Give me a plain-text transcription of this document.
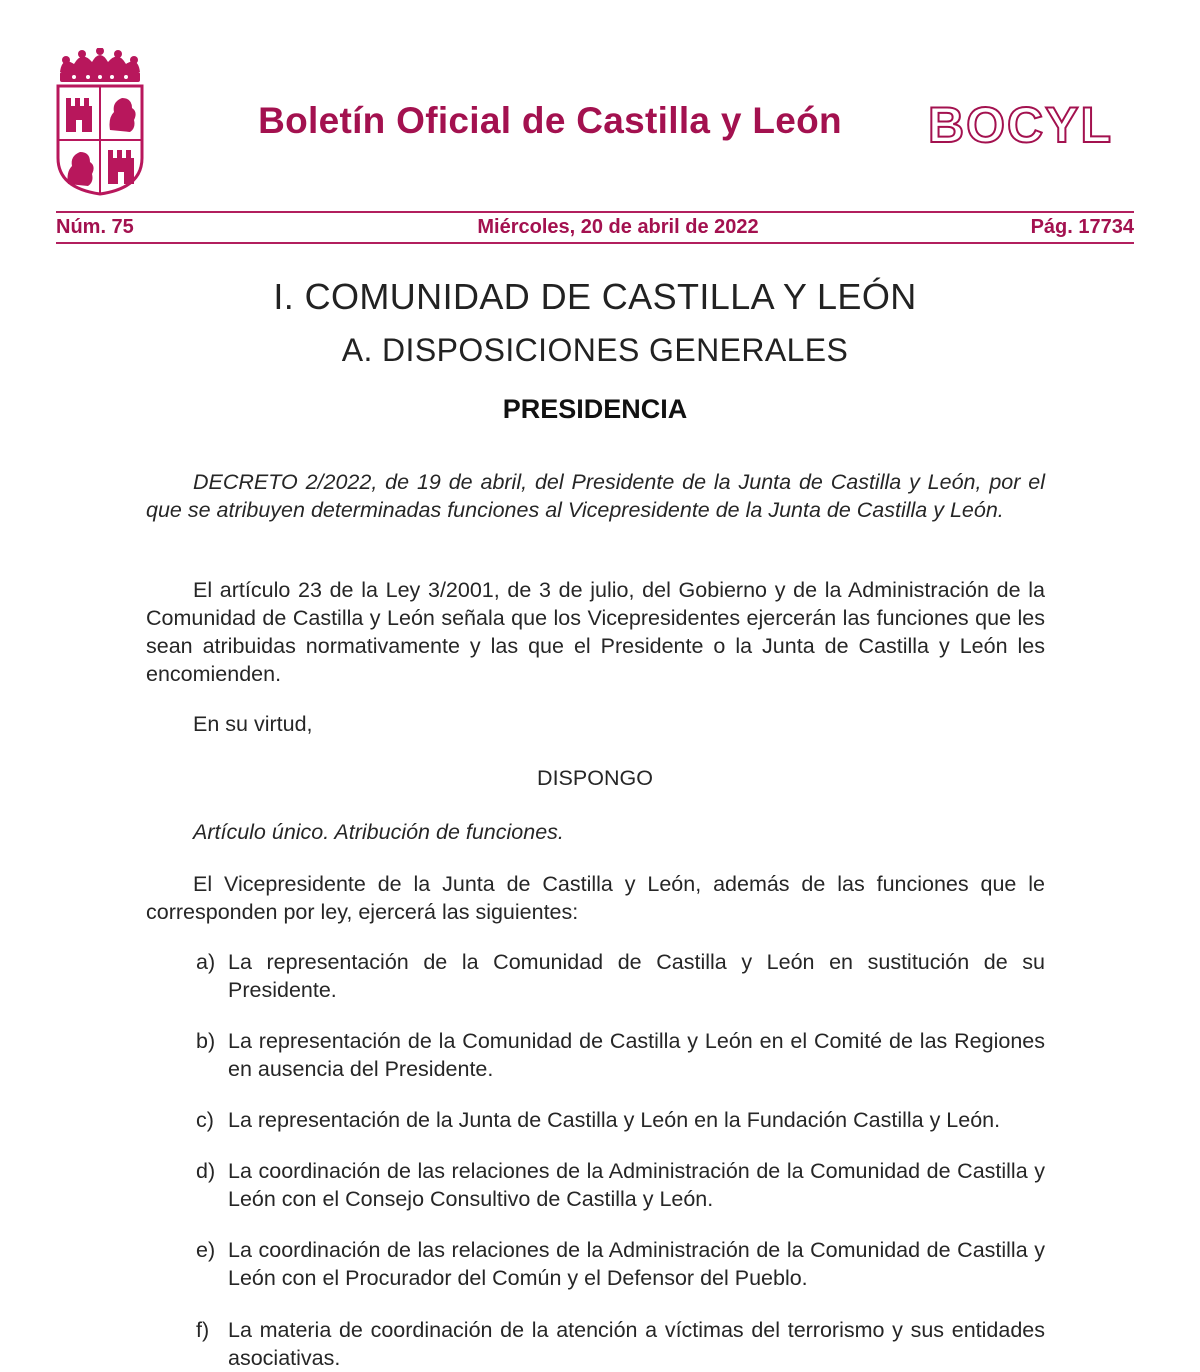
Boletín Oficial de Castilla y León	BOCYL
Núm. 75	Miércoles, 20 de abril de 2022	Pág. 17734
I. COMUNIDAD DE CASTILLA Y LEÓN
A. DISPOSICIONES GENERALES
PRESIDENCIA
DECRETO 2/2022, de 19 de abril, del Presidente de la Junta de Castilla y León, por el que se atribuyen determinadas funciones al Vicepresidente de la Junta de Castilla y León.
El artículo 23 de la Ley 3/2001, de 3 de julio, del Gobierno y de la Administración de la Comunidad de Castilla y León señala que los Vicepresidentes ejercerán las funciones que les sean atribuidas normativamente y las que el Presidente o la Junta de Castilla y León les encomienden.
En su virtud,
DISPONGO
Artículo único. Atribución de funciones.
El Vicepresidente de la Junta de Castilla y León, además de las funciones que le corresponden por ley, ejercerá las siguientes:
a) La representación de la Comunidad de Castilla y León en sustitución de su Presidente.
b) La representación de la Comunidad de Castilla y León en el Comité de las Regiones en ausencia del Presidente.
c) La representación de la Junta de Castilla y León en la Fundación Castilla y León.
d) La coordinación de las relaciones de la Administración de la Comunidad de Castilla y León con el Consejo Consultivo de Castilla y León.
e) La coordinación de las relaciones de la Administración de la Comunidad de Castilla y León con el Procurador del Común y el Defensor del Pueblo.
f) La materia de coordinación de la atención a víctimas del terrorismo y sus entidades asociativas.
